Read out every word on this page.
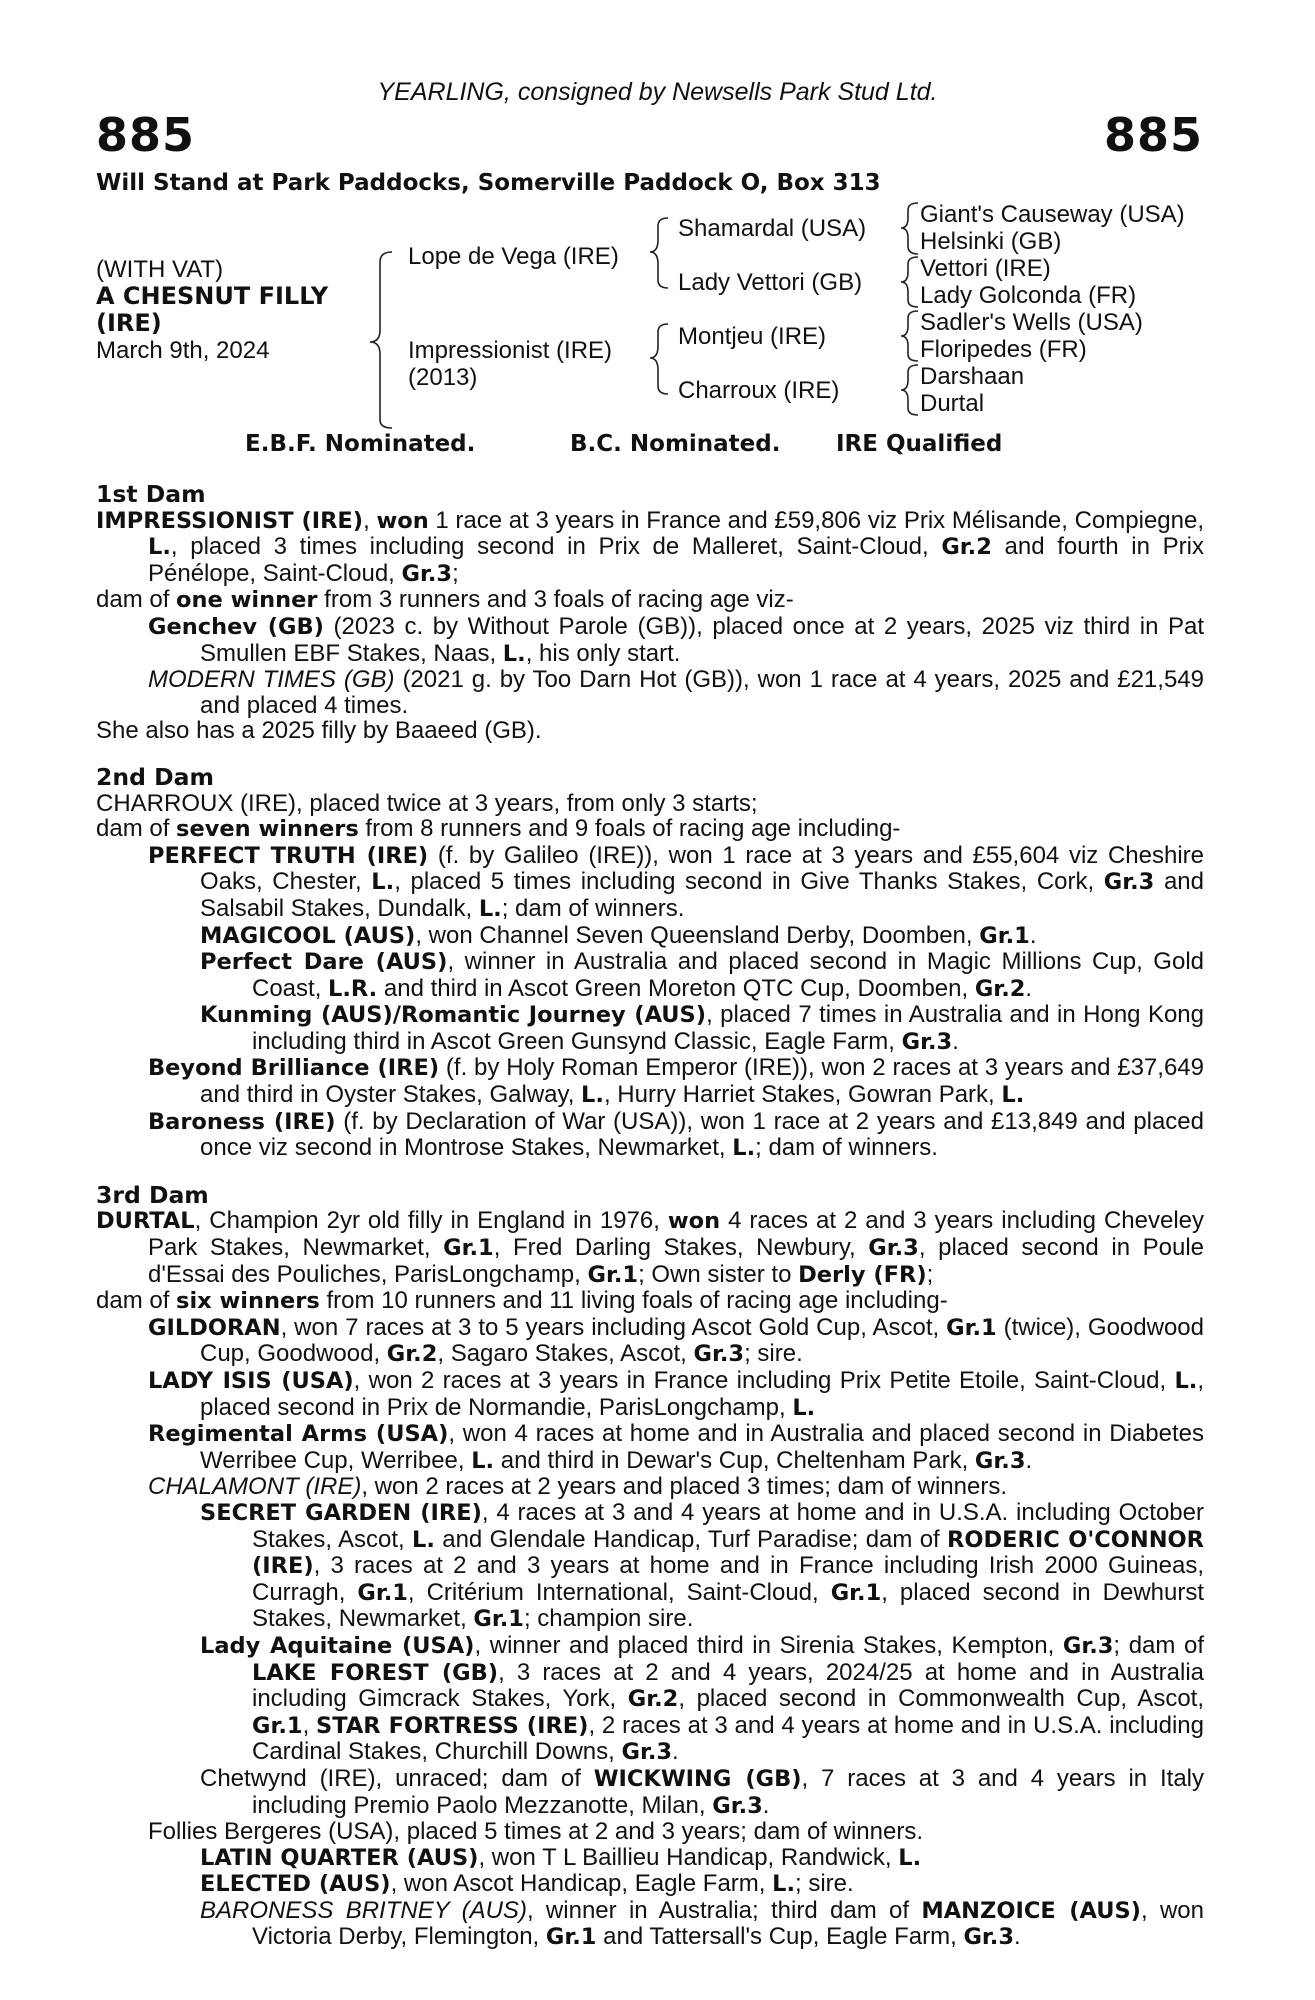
YEARLING, consigned by Newsells Park Stud Ltd.
885	885
Will Stand at Park Paddocks, Somerville Paddock O, Box 313
(WITH VAT)
A CHESNUT FILLY
(IRE)
March 9th, 2024
Lope de Vega (IRE)
Impressionist (IRE)
(2013)
Shamardal (USA)
Lady Vettori (GB)
Montjeu (IRE)
Charroux (IRE)
Giant's Causeway (USA)
Helsinki (GB)
Vettori (IRE)
Lady Golconda (FR)
Sadler's Wells (USA)
Floripedes (FR)
Darshaan
Durtal
E.B.F. Nominated.	B.C. Nominated. IRE Qualified

1st Dam

IMPRESSIONIST (IRE), won 1 race at 3 years in France and £59,806 viz Prix Mélisande, Compiegne, L., placed 3 times including second in Prix de Malleret, Saint-Cloud, Gr.2 and fourth in Prix Pénélope, Saint-Cloud, Gr.3;

dam of one winner from 3 runners and 3 foals of racing age viz-

Genchev (GB) (2023 c. by Without Parole (GB)), placed once at 2 years, 2025 viz third in Pat Smullen EBF Stakes, Naas, L., his only start.

MODERN TIMES (GB) (2021 g. by Too Darn Hot (GB)), won 1 race at 4 years, 2025 and £21,549 and placed 4 times.

She also has a 2025 filly by Baaeed (GB).

2nd Dam

CHARROUX (IRE), placed twice at 3 years, from only 3 starts;

dam of seven winners from 8 runners and 9 foals of racing age including-

PERFECT TRUTH (IRE) (f. by Galileo (IRE)), won 1 race at 3 years and £55,604 viz Cheshire Oaks, Chester, L., placed 5 times including second in Give Thanks Stakes, Cork, Gr.3 and Salsabil Stakes, Dundalk, L.; dam of winners.

MAGICOOL (AUS), won Channel Seven Queensland Derby, Doomben, Gr.1.

Perfect Dare (AUS), winner in Australia and placed second in Magic Millions Cup, Gold Coast, L.R. and third in Ascot Green Moreton QTC Cup, Doomben, Gr.2.

Kunming (AUS)/Romantic Journey (AUS), placed 7 times in Australia and in Hong Kong including third in Ascot Green Gunsynd Classic, Eagle Farm, Gr.3.

Beyond Brilliance (IRE) (f. by Holy Roman Emperor (IRE)), won 2 races at 3 years and £37,649 and third in Oyster Stakes, Galway, L., Hurry Harriet Stakes, Gowran Park, L.

Baroness (IRE) (f. by Declaration of War (USA)), won 1 race at 2 years and £13,849 and placed once viz second in Montrose Stakes, Newmarket, L.; dam of winners.

3rd Dam

DURTAL, Champion 2yr old filly in England in 1976, won 4 races at 2 and 3 years including Cheveley Park Stakes, Newmarket, Gr.1, Fred Darling Stakes, Newbury, Gr.3, placed second in Poule d'Essai des Pouliches, ParisLongchamp, Gr.1; Own sister to Derly (FR);

dam of six winners from 10 runners and 11 living foals of racing age including-

GILDORAN, won 7 races at 3 to 5 years including Ascot Gold Cup, Ascot, Gr.1 (twice), Goodwood Cup, Goodwood, Gr.2, Sagaro Stakes, Ascot, Gr.3; sire.

LADY ISIS (USA), won 2 races at 3 years in France including Prix Petite Etoile, Saint-Cloud, L., placed second in Prix de Normandie, ParisLongchamp, L.

Regimental Arms (USA), won 4 races at home and in Australia and placed second in Diabetes Werribee Cup, Werribee, L. and third in Dewar's Cup, Cheltenham Park, Gr.3.

CHALAMONT (IRE), won 2 races at 2 years and placed 3 times; dam of winners.

SECRET GARDEN (IRE), 4 races at 3 and 4 years at home and in U.S.A. including October Stakes, Ascot, L. and Glendale Handicap, Turf Paradise; dam of RODERIC O'CONNOR (IRE), 3 races at 2 and 3 years at home and in France including Irish 2000 Guineas, Curragh, Gr.1, Critérium International, Saint-Cloud, Gr.1, placed second in Dewhurst Stakes, Newmarket, Gr.1; champion sire.

Lady Aquitaine (USA), winner and placed third in Sirenia Stakes, Kempton, Gr.3; dam of LAKE FOREST (GB), 3 races at 2 and 4 years, 2024/25 at home and in Australia including Gimcrack Stakes, York, Gr.2, placed second in Commonwealth Cup, Ascot, Gr.1, STAR FORTRESS (IRE), 2 races at 3 and 4 years at home and in U.S.A. including Cardinal Stakes, Churchill Downs, Gr.3.

Chetwynd (IRE), unraced; dam of WICKWING (GB), 7 races at 3 and 4 years in Italy including Premio Paolo Mezzanotte, Milan, Gr.3.

Follies Bergeres (USA), placed 5 times at 2 and 3 years; dam of winners.

LATIN QUARTER (AUS), won T L Baillieu Handicap, Randwick, L.

ELECTED (AUS), won Ascot Handicap, Eagle Farm, L.; sire.

BARONESS BRITNEY (AUS), winner in Australia; third dam of MANZOICE (AUS), won Victoria Derby, Flemington, Gr.1 and Tattersall's Cup, Eagle Farm, Gr.3.
